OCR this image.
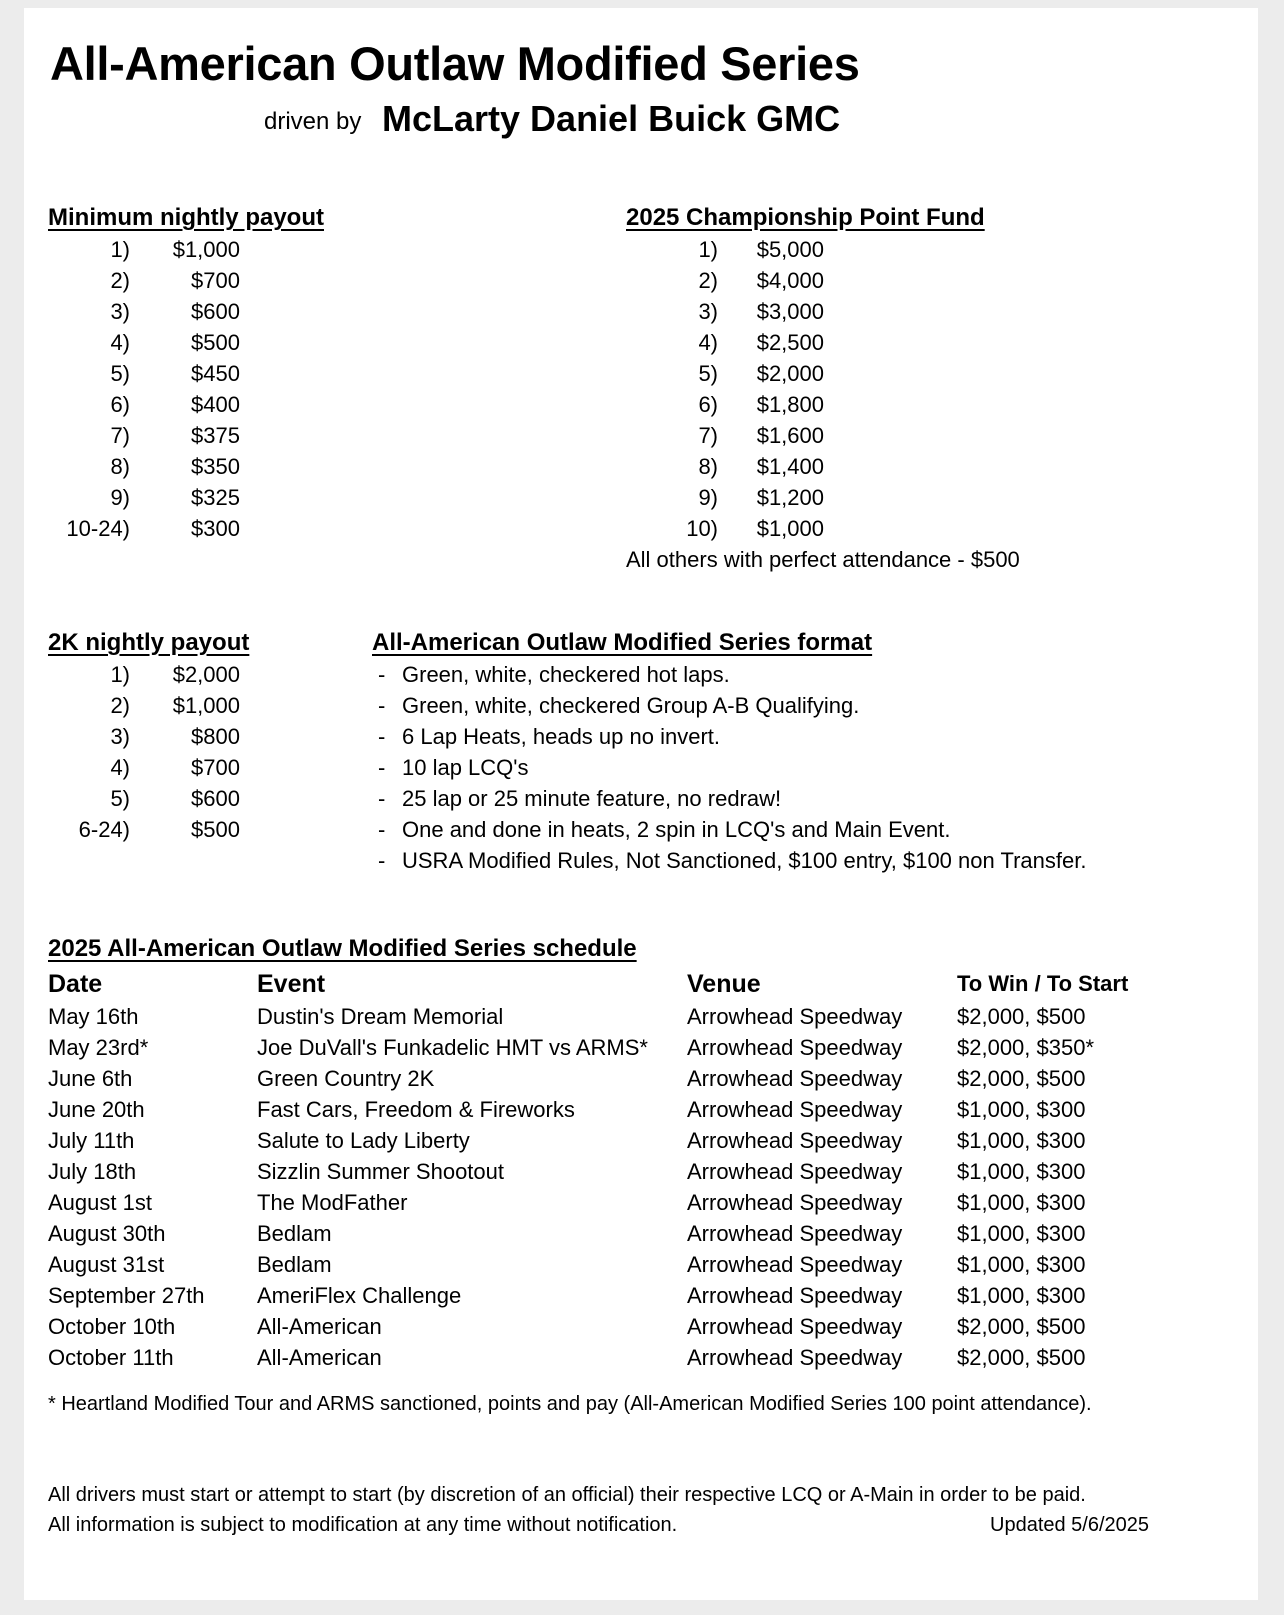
All-American Outlaw Modified Series
driven by McLarty Daniel Buick GMC
Minimum nightly payout
1) $1,000
2)	$700
3)	$600
4)	$500
5)	$450
6)	$400
7)	$375
8)	$350
9)	$325
10-24)	$300
2025 Championship Point Fund
1) $5,000
2) $4,000
3) $3,000
4) $2,500
5) $2,000
6) $1,800
7) $1,600
8) $1,400
9) $1,200
10) $1,000
All others with perfect attendance - $500
2K nightly payout
1) $2,000
2) $1,000
3)	$800
4)	$700
5)	$600
6-24)	$500
All-American Outlaw Modified Series format
- Green, white, checkered hot laps.
- Green, white, checkered Group A-B Qualifying.
- 6 Lap Heats, heads up no invert.
- 10 lap LCQ's
- 25 lap or 25 minute feature, no redraw!
- One and done in heats, 2 spin in LCQ's and Main Event.
- USRA Modified Rules, Not Sanctioned, $100 entry, $100 non Transfer.
2025 All-American Outlaw Modified Series schedule
Date	Event	Venue	To Win / To Start
May 16th	Dustin's Dream Memorial	Arrowhead Speedway	$2,000, $500
May 23rd*	Joe DuVall's Funkadelic HMT vs ARMS*	Arrowhead Speedway	$2,000, $350*
June 6th	Green Country 2K	Arrowhead Speedway	$2,000, $500
June 20th	Fast Cars, Freedom & Fireworks	Arrowhead Speedway	$1,000, $300
July 11th	Salute to Lady Liberty	Arrowhead Speedway	$1,000, $300
July 18th	Sizzlin Summer Shootout	Arrowhead Speedway	$1,000, $300
August 1st	The ModFather	Arrowhead Speedway	$1,000, $300
August 30th	Bedlam	Arrowhead Speedway	$1,000, $300
August 31st	Bedlam	Arrowhead Speedway	$1,000, $300
September 27th	AmeriFlex Challenge	Arrowhead Speedway	$1,000, $300
October 10th	All-American	Arrowhead Speedway	$2,000, $500
October 11th	All-American	Arrowhead Speedway	$2,000, $500
* Heartland Modified Tour and ARMS sanctioned, points and pay (All-American Modified Series 100 point attendance).
All drivers must start or attempt to start (by discretion of an official) their respective LCQ or A-Main in order to be paid.
All information is subject to modification at any time without notification.	Updated 5/6/2025
